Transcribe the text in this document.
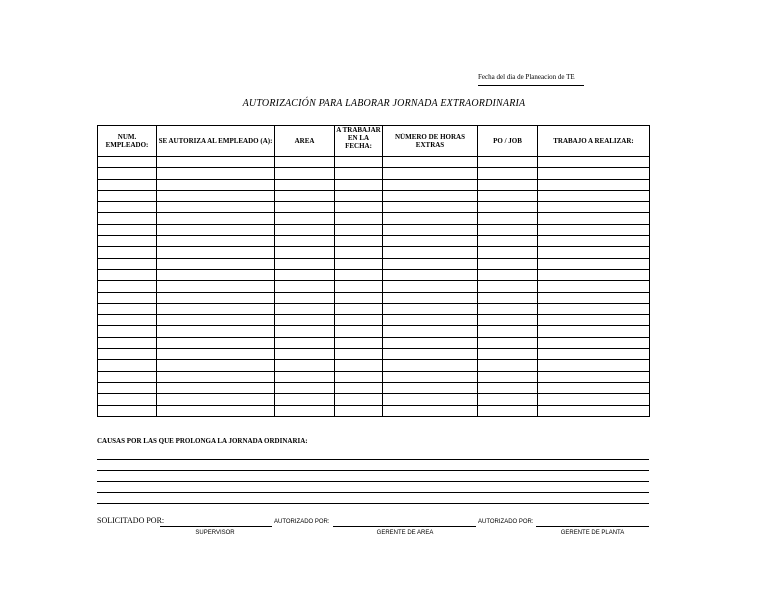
Fecha del dia de Planeacion de TE
AUTORIZACIÓN PARA LABORAR JORNADA EXTRAORDINARIA
NUM. EMPLEADO:	SE AUTORIZA AL EMPLEADO (A):	AREA	A TRABAJAR EN LA FECHA:	NÚMERO DE HORAS EXTRAS	PO / JOB	TRABAJO A REALIZAR:

CAUSAS POR LAS QUE PROLONGA LA JORNADA ORDINARIA:
SOLICITADO POR:	AUTORIZADO POR:	AUTORIZADO POR:
SUPERVISOR	GERENTE DE AREA	GERENTE DE PLANTA
